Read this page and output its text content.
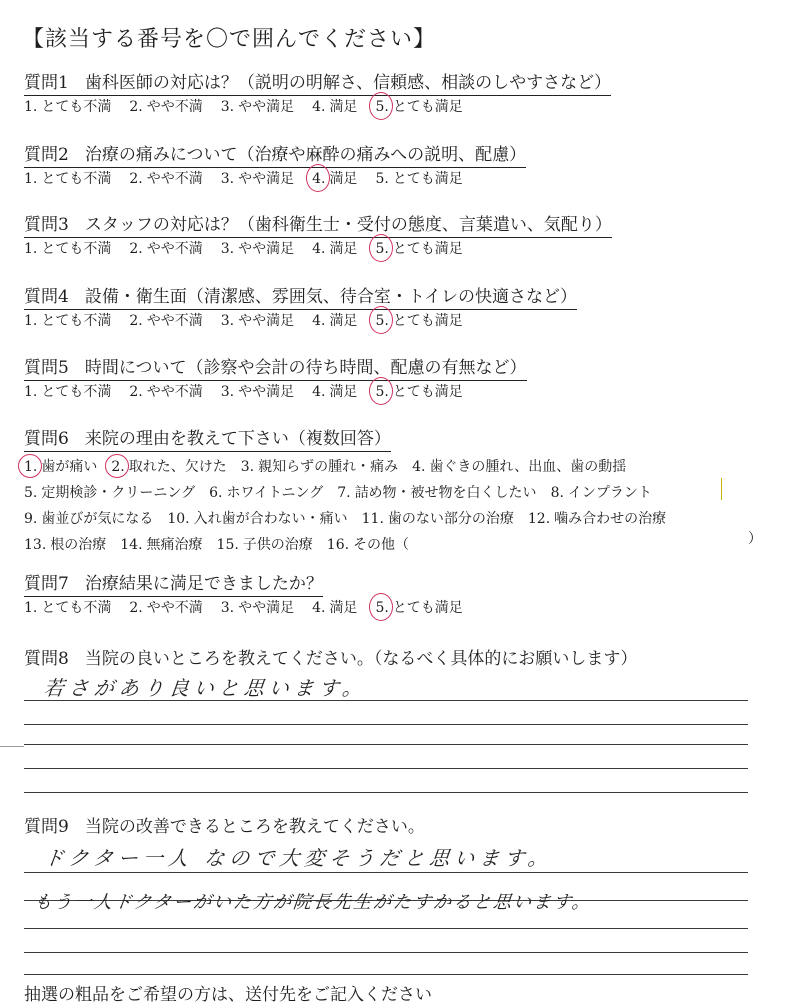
【該当する番号を〇で囲んでください】
質問1 歯科医師の対応は？（説明の明解さ、信頼感、相談のしやすさなど）
1. とても不満 2. やや不満 3. やや満足 4. 満足 5. とても満足
質問2 治療の痛みについて（治療や麻酔の痛みへの説明、配慮）
1. とても不満 2. やや不満 3. やや満足 4. 満足 5. とても満足
質問3 スタッフの対応は？（歯科衛生士・受付の態度、言葉遣い、気配り）
1. とても不満 2. やや不満 3. やや満足 4. 満足 5. とても満足
質問4 設備・衛生面（清潔感、雰囲気、待合室・トイレの快適さなど）
1. とても不満 2. やや不満 3. やや満足 4. 満足 5. とても満足
質問5 時間について（診察や会計の待ち時間、配慮の有無など）
1. とても不満 2. やや不満 3. やや満足 4. 満足 5. とても満足
質問6 来院の理由を教えて下さい（複数回答）
1. 歯が痛い 2. 取れた、欠けた 3. 親知らずの腫れ・痛み 4. 歯ぐきの腫れ、出血、歯の動揺
5. 定期検診・クリーニング 6. ホワイトニング 7. 詰め物・被せ物を白くしたい 8. インプラント
9. 歯並びが気になる 10. 入れ歯が合わない・痛い 11. 歯のない部分の治療 12. 噛み合わせの治療
13. 根の治療 14. 無痛治療 15. 子供の治療 16. その他（	）
質問7 治療結果に満足できましたか？
1. とても不満 2. やや不満 3. やや満足 4. 満足 5. とても満足
質問8 当院の良いところを教えてください。（なるべく具体的にお願いします）
若さがあり良いと思います。
質問9 当院の改善できるところを教えてください。
ドクター一人 なので大変そうだと思います。
もう一人ドクターがいた方が院長先生がたすかると思います。
抽選の粗品をご希望の方は、送付先をご記入ください
